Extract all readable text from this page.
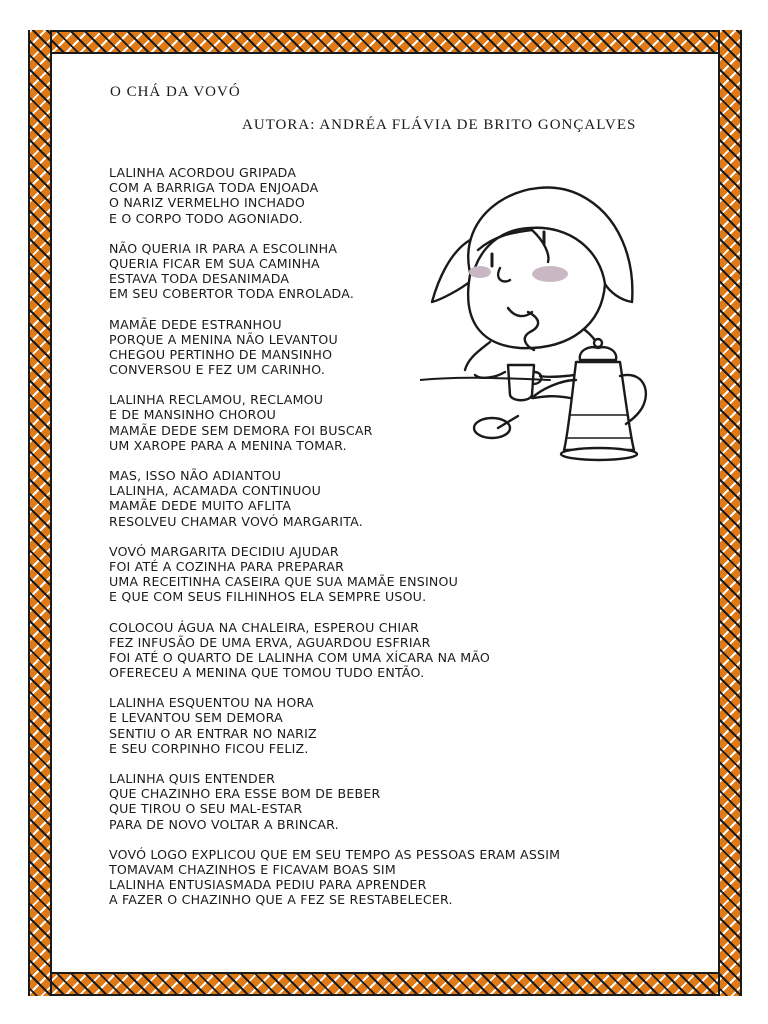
O CHÁ DA VOVÓ
AUTORA: ANDRÉA FLÁVIA DE BRITO GONÇALVES
LALINHA ACORDOU GRIPADA
COM A BARRIGA TODA ENJOADA
O NARIZ VERMELHO INCHADO
E O CORPO TODO AGONIADO.
NÃO QUERIA IR PARA A ESCOLINHA
QUERIA FICAR EM SUA CAMINHA
ESTAVA TODA DESANIMADA
EM SEU COBERTOR TODA ENROLADA.
MAMÃE DEDE ESTRANHOU
PORQUE A MENINA NÃO LEVANTOU
CHEGOU PERTINHO DE MANSINHO
CONVERSOU E FEZ UM CARINHO.
LALINHA RECLAMOU, RECLAMOU
E DE MANSINHO CHOROU
MAMÃE DEDE SEM DEMORA FOI BUSCAR
UM XAROPE PARA A MENINA TOMAR.
MAS, ISSO NÃO ADIANTOU
LALINHA, ACAMADA CONTINUOU
MAMÃE DEDE MUITO AFLITA
RESOLVEU CHAMAR VOVÓ MARGARITA.
VOVÓ MARGARITA DECIDIU AJUDAR
FOI ATÉ A COZINHA PARA PREPARAR
UMA RECEITINHA CASEIRA QUE SUA MAMÃE ENSINOU
E QUE COM SEUS FILHINHOS ELA SEMPRE USOU.
COLOCOU ÁGUA NA CHALEIRA, ESPEROU CHIAR
FEZ INFUSÃO DE UMA ERVA, AGUARDOU ESFRIAR
FOI ATÉ O QUARTO DE LALINHA COM UMA XÍCARA NA MÃO
OFERECEU A MENINA QUE TOMOU TUDO ENTÃO.
LALINHA ESQUENTOU NA HORA
E LEVANTOU SEM DEMORA
SENTIU O AR ENTRAR NO NARIZ
E SEU CORPINHO FICOU FELIZ.
LALINHA QUIS ENTENDER
QUE CHAZINHO ERA ESSE BOM DE BEBER
QUE TIROU O SEU MAL-ESTAR
PARA DE NOVO VOLTAR A BRINCAR.
VOVÓ LOGO EXPLICOU QUE EM SEU TEMPO AS PESSOAS ERAM ASSIM
TOMAVAM CHAZINHOS E FICAVAM BOAS SIM
LALINHA ENTUSIASMADA PEDIU PARA APRENDER
A FAZER O CHAZINHO QUE A FEZ SE RESTABELECER.
